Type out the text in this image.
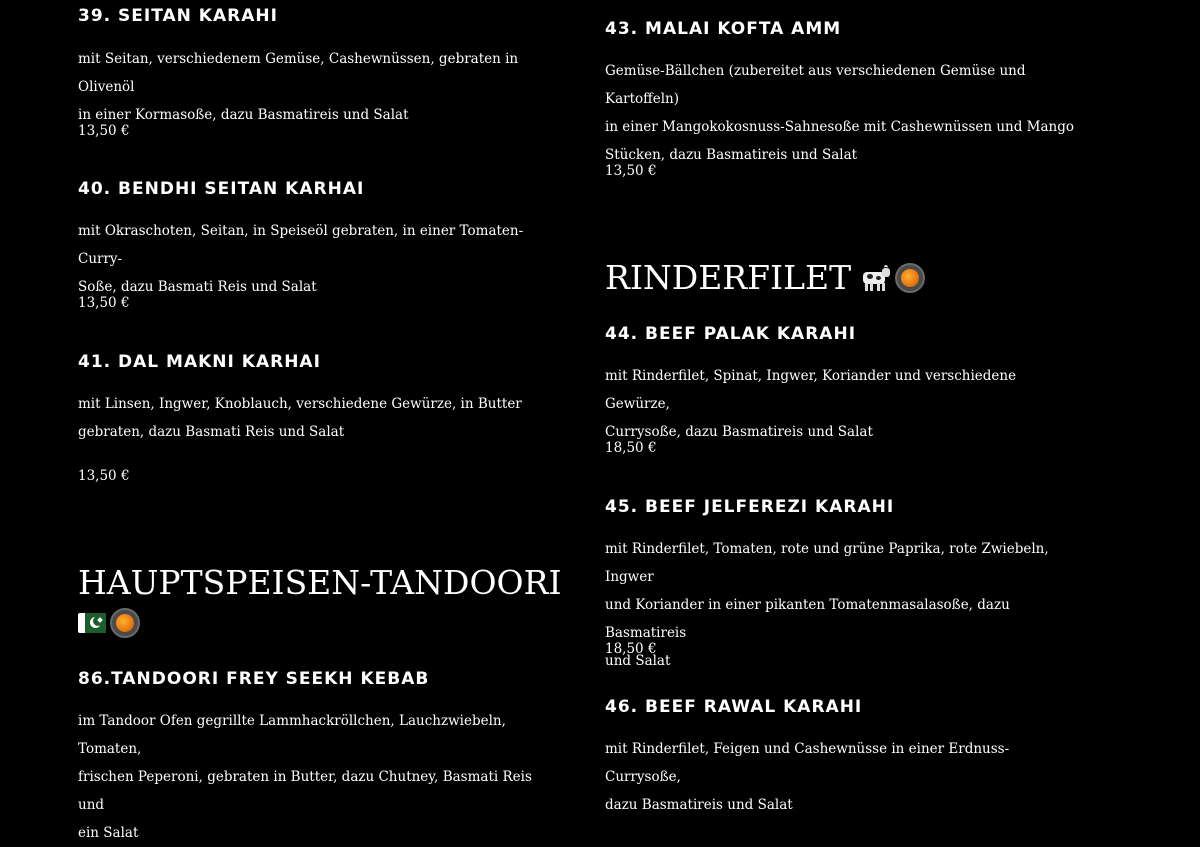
39. SEITAN KARAHI

mit Seitan, verschiedenem Gemüse, Cashewnüssen, gebraten in Olivenöl

in einer Kormasoße, dazu Basmatireis und Salat

13,50 €

40. BENDHI SEITAN KARHAI

mit Okraschoten, Seitan, in Speiseöl gebraten, in einer Tomaten-Curry-

Soße, dazu Basmati Reis und Salat

13,50 €

41. DAL MAKNI KARHAI

mit Linsen, Ingwer, Knoblauch, verschiedene Gewürze, in Butter

gebraten, dazu Basmati Reis und Salat

13,50 €

HAUPTSPEISEN-TANDOORI
86.TANDOORI FREY SEEKH KEBAB

im Tandoor Ofen gegrillte Lammhackröllchen, Lauchzwiebeln, Tomaten,

frischen Peperoni, gebraten in Butter, dazu Chutney, Basmati Reis und

ein Salat

43. MALAI KOFTA AMM

Gemüse-Bällchen (zubereitet aus verschiedenen Gemüse und Kartoffeln)

in einer Mangokokosnuss-Sahnesoße mit Cashewnüssen und Mango

Stücken, dazu Basmatireis und Salat

13,50 €

RINDERFILET
44. BEEF PALAK KARAHI

mit Rinderfilet, Spinat, Ingwer, Koriander und verschiedene Gewürze,

Currysoße, dazu Basmatireis und Salat

18,50 €

45. BEEF JELFEREZI KARAHI

mit Rinderfilet, Tomaten, rote und grüne Paprika, rote Zwiebeln, Ingwer

und Koriander in einer pikanten Tomatenmasalasoße, dazu Basmatireis

und Salat

18,50 €

46. BEEF RAWAL KARAHI

mit Rinderfilet, Feigen und Cashewnüsse in einer Erdnuss-Currysoße,

dazu Basmatireis und Salat
